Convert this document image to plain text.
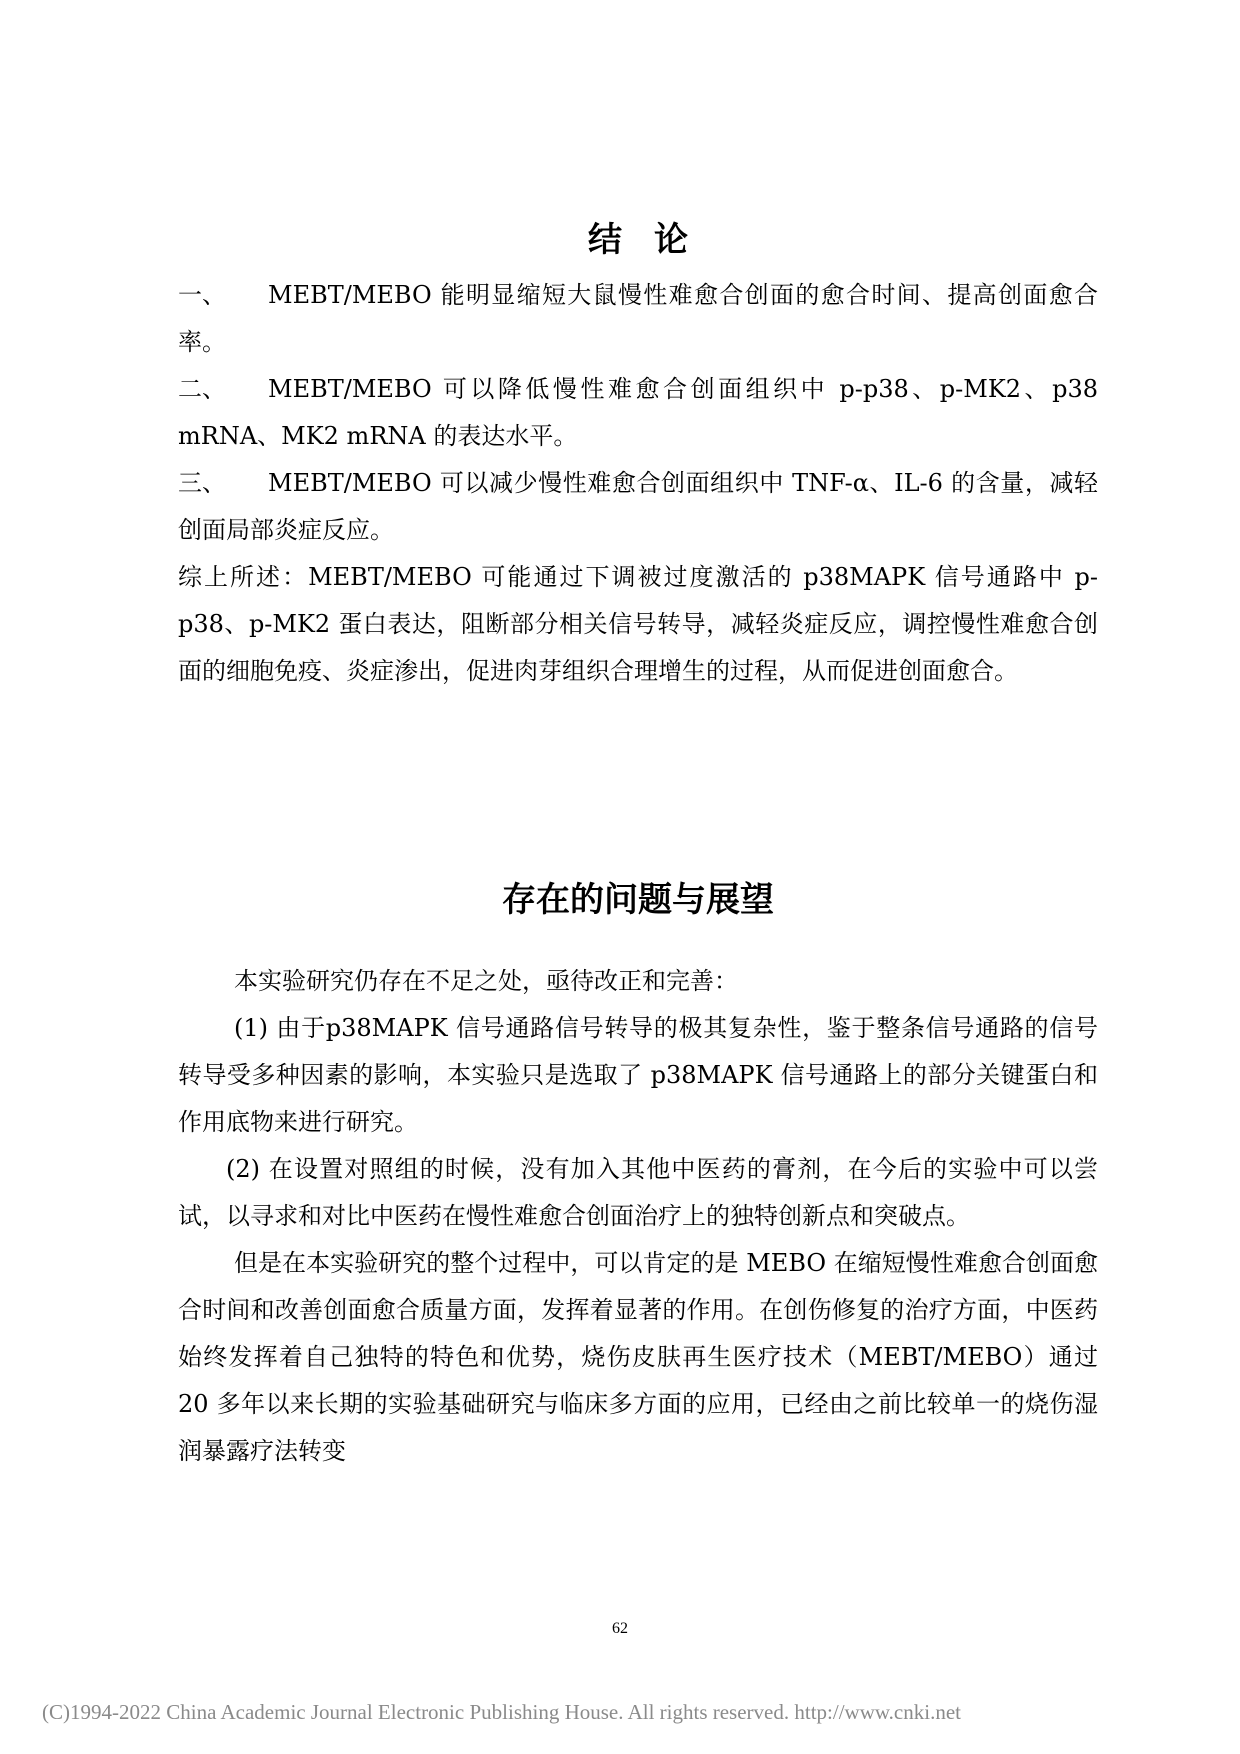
结论

一、 MEBT/MEBO 能明显缩短大鼠慢性难愈合创面的愈合时间、提高创面愈合率。

二、 MEBT/MEBO 可以降低慢性难愈合创面组织中 p-p38、p-MK2、p38 mRNA、MK2 mRNA 的表达水平。

三、 MEBT/MEBO 可以减少慢性难愈合创面组织中 TNF-α、IL-6 的含量，减轻创面局部炎症反应。

综上所述：MEBT/MEBO 可能通过下调被过度激活的 p38MAPK 信号通路中 p-p38、p-MK2 蛋白表达，阻断部分相关信号转导，减轻炎症反应，调控慢性难愈合创面的细胞免疫、炎症渗出，促进肉芽组织合理增生的过程，从而促进创面愈合。

存在的问题与展望

本实验研究仍存在不足之处，亟待改正和完善：

(1) 由于p38MAPK 信号通路信号转导的极其复杂性，鉴于整条信号通路的信号转导受多种因素的影响，本实验只是选取了 p38MAPK 信号通路上的部分关键蛋白和作用底物来进行研究。

(2) 在设置对照组的时候，没有加入其他中医药的膏剂，在今后的实验中可以尝试，以寻求和对比中医药在慢性难愈合创面治疗上的独特创新点和突破点。

但是在本实验研究的整个过程中，可以肯定的是 MEBO 在缩短慢性难愈合创面愈合时间和改善创面愈合质量方面，发挥着显著的作用。在创伤修复的治疗方面，中医药始终发挥着自己独特的特色和优势，烧伤皮肤再生医疗技术（MEBT/MEBO）通过 20 多年以来长期的实验基础研究与临床多方面的应用，已经由之前比较单一的烧伤湿润暴露疗法转变

62
(C)1994-2022 China Academic Journal Electronic Publishing House. All rights reserved. http://www.cnki.net
